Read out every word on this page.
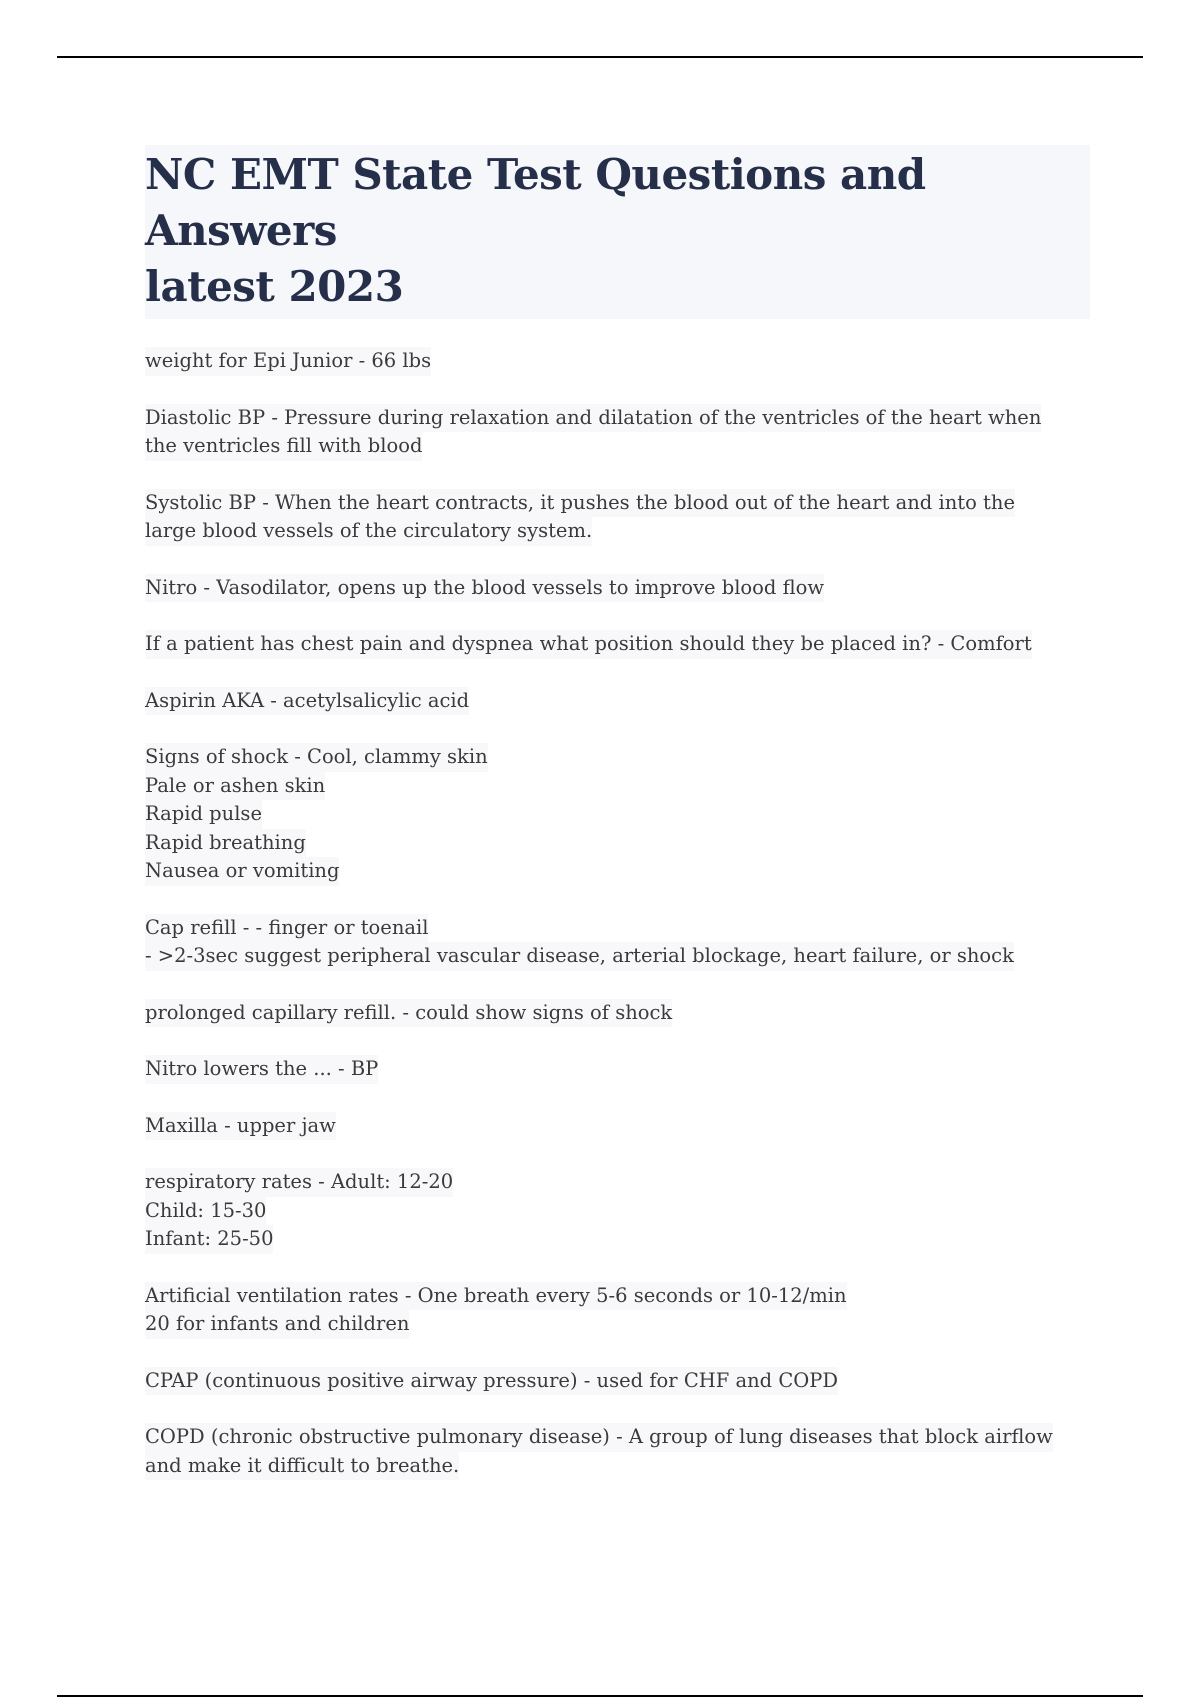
NC EMT State Test Questions and Answers
latest 2023
weight for Epi Junior - 66 lbs
Diastolic BP - Pressure during relaxation and dilatation of the ventricles of the heart when
the ventricles fill with blood
Systolic BP - When the heart contracts, it pushes the blood out of the heart and into the
large blood vessels of the circulatory system.
Nitro - Vasodilator, opens up the blood vessels to improve blood flow
If a patient has chest pain and dyspnea what position should they be placed in? - Comfort
Aspirin AKA - acetylsalicylic acid
Signs of shock - Cool, clammy skin
Pale or ashen skin
Rapid pulse
Rapid breathing
Nausea or vomiting
Cap refill - - finger or toenail
- >2-3sec suggest peripheral vascular disease, arterial blockage, heart failure, or shock
prolonged capillary refill. - could show signs of shock
Nitro lowers the ... - BP
Maxilla - upper jaw
respiratory rates - Adult: 12-20
Child: 15-30
Infant: 25-50
Artificial ventilation rates - One breath every 5-6 seconds or 10-12/min
20 for infants and children
CPAP (continuous positive airway pressure) - used for CHF and COPD
COPD (chronic obstructive pulmonary disease) - A group of lung diseases that block airflow
and make it difficult to breathe.
